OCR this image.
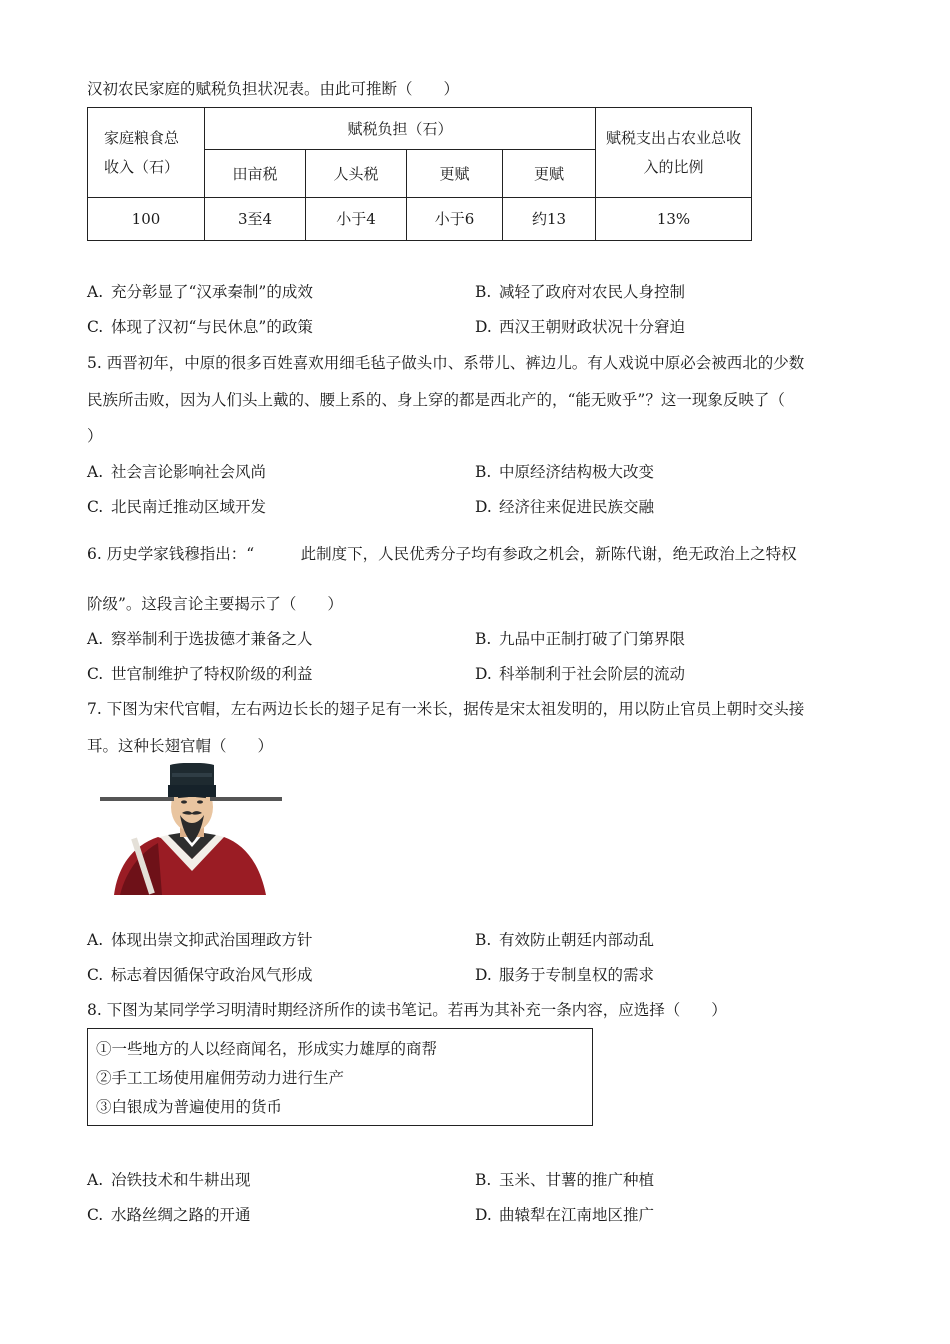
汉初农民家庭的赋税负担状况表。由此可推断（　　）
家庭粮食总收入（石）	赋税负担（石）				赋税支出占农业总收入的比例

	田亩税	人头税	更赋	更赋	
100	3至4	小于4	小于6	约13	13%
A. 充分彰显了“汉承秦制”的成效	B. 减轻了政府对农民人身控制
C. 体现了汉初“与民休息”的政策	D. 西汉王朝财政状况十分窘迫
5. 西晋初年，中原的很多百姓喜欢用细毛毡子做头巾、系带儿、裤边儿。有人戏说中原必会被西北的少数
民族所击败，因为人们头上戴的、腰上系的、身上穿的都是西北产的，“能无败乎”？这一现象反映了（
）
A. 社会言论影响社会风尚	B. 中原经济结构极大改变
C. 北民南迁推动区域开发	D. 经济往来促进民族交融
6. 历史学家钱穆指出：“　　　此制度下，人民优秀分子均有参政之机会，新陈代谢，绝无政治上之特权
阶级”。这段言论主要揭示了（　　）
A. 察举制利于选拔德才兼备之人	B. 九品中正制打破了门第界限
C. 世官制维护了特权阶级的利益	D. 科举制利于社会阶层的流动
7. 下图为宋代官帽，左右两边长长的翅子足有一米长，据传是宋太祖发明的，用以防止官员上朝时交头接
耳。这种长翅官帽（　　）
A. 体现出崇文抑武治国理政方针	B. 有效防止朝廷内部动乱
C. 标志着因循保守政治风气形成	D. 服务于专制皇权的需求
8. 下图为某同学学习明清时期经济所作的读书笔记。若再为其补充一条内容，应选择（　　）
①一些地方的人以经商闻名，形成实力雄厚的商帮
②手工工场使用雇佣劳动力进行生产
③白银成为普遍使用的货币
A. 冶铁技术和牛耕出现	B. 玉米、甘薯的推广种植
C. 水路丝绸之路的开通	D. 曲辕犁在江南地区推广
